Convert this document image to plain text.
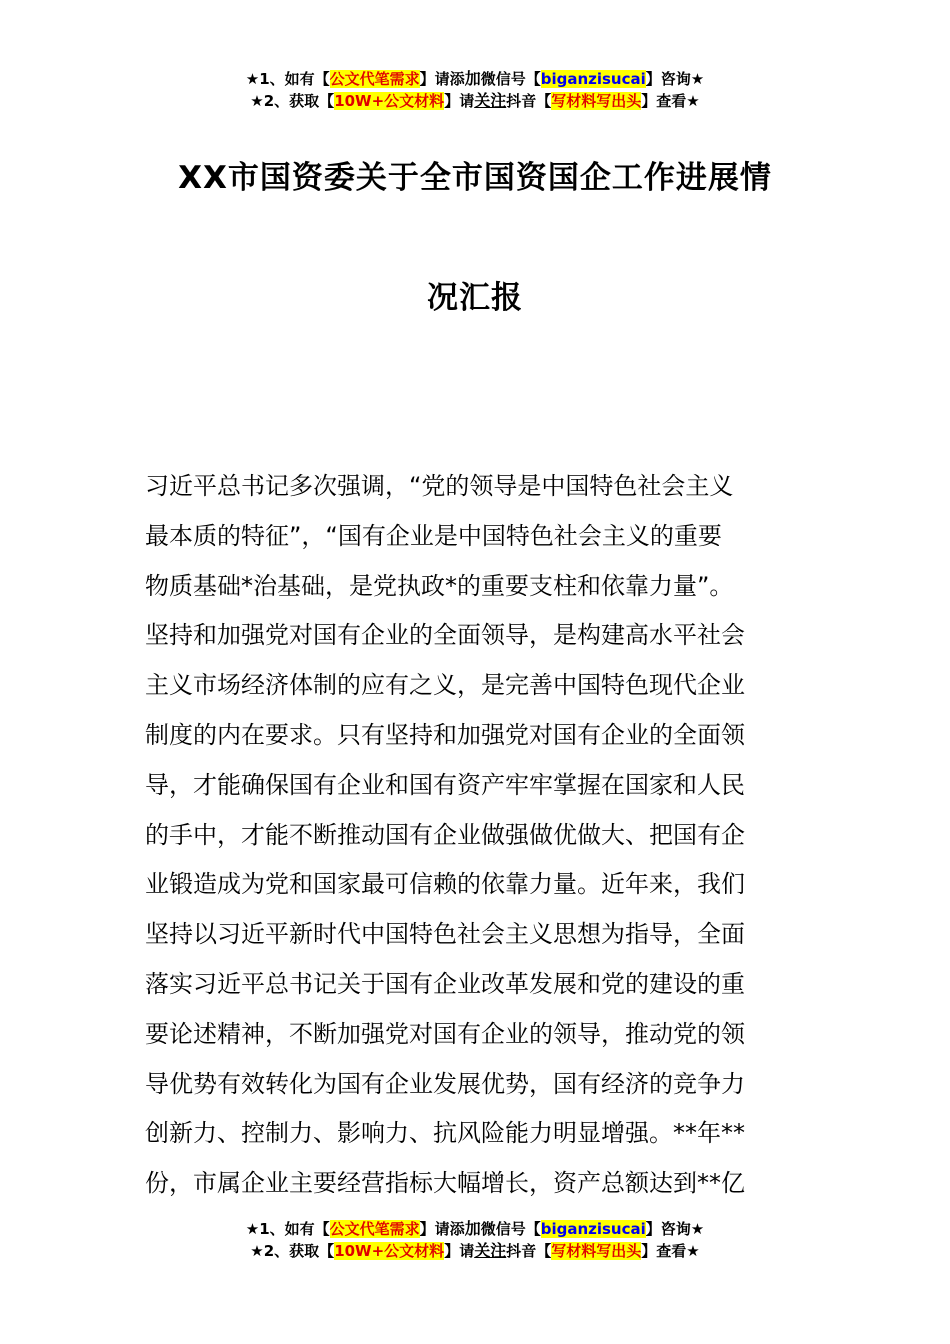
★1、如有【公文代笔需求】请添加微信号【biganzisucai】咨询★
★2、获取【10W+公文材料】请关注抖音【写材料写出头】查看★
XX市国资委关于全市国资国企工作进展情
况汇报
习近平总书记多次强调，“党的领导是中国特色社会主义
最本质的特征”，“国有企业是中国特色社会主义的重要
物质基础*治基础，是党执政*的重要支柱和依靠力量”。
坚持和加强党对国有企业的全面领导，是构建高水平社会
主义市场经济体制的应有之义，是完善中国特色现代企业
制度的内在要求。只有坚持和加强党对国有企业的全面领
导，才能确保国有企业和国有资产牢牢掌握在国家和人民
的手中，才能不断推动国有企业做强做优做大、把国有企
业锻造成为党和国家最可信赖的依靠力量。近年来，我们
坚持以习近平新时代中国特色社会主义思想为指导，全面
落实习近平总书记关于国有企业改革发展和党的建设的重
要论述精神，不断加强党对国有企业的领导，推动党的领
导优势有效转化为国有企业发展优势，国有经济的竞争力
创新力、控制力、影响力、抗风险能力明显增强。**年**
份，市属企业主要经营指标大幅增长，资产总额达到**亿
★1、如有【公文代笔需求】请添加微信号【biganzisucai】咨询★
★2、获取【10W+公文材料】请关注抖音【写材料写出头】查看★
